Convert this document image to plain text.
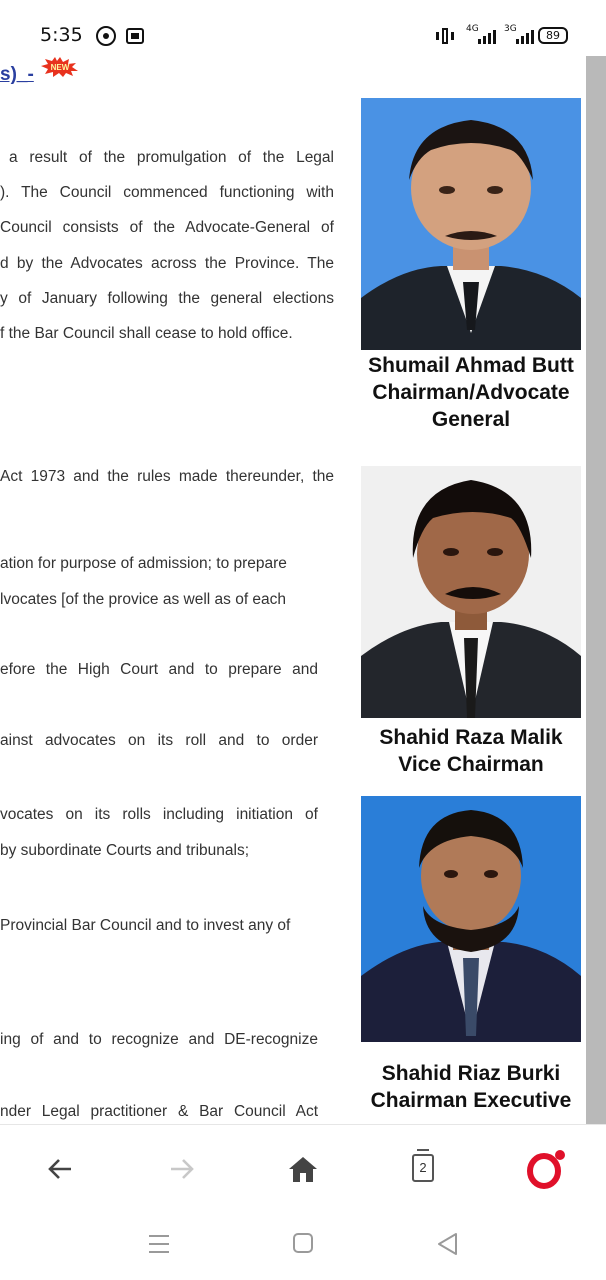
5:35	4G	3G	89
s)_- NEW
a result of the promulgation of the Legal
). The Council commenced functioning with
Council consists of the Advocate-General of
d by the Advocates across the Province. The
y of January following the general elections
f the Bar Council shall cease to hold office.
Act 1973 and the rules made thereunder, the
ation for purpose of admission; to prepare
lvocates [of the provice as well as of each
efore the High Court and to prepare and
ainst advocates on its roll and to order
vocates on its rolls including initiation of
by subordinate Courts and tribunals;
Provincial Bar Council and to invest any of
ing of and to recognize and DE-recognize
nder Legal practitioner & Bar Council Act
Shumail Ahmad Butt
Chairman/Advocate
General
Shahid Raza Malik
Vice Chairman
Shahid Riaz Burki
Chairman Executive
2
